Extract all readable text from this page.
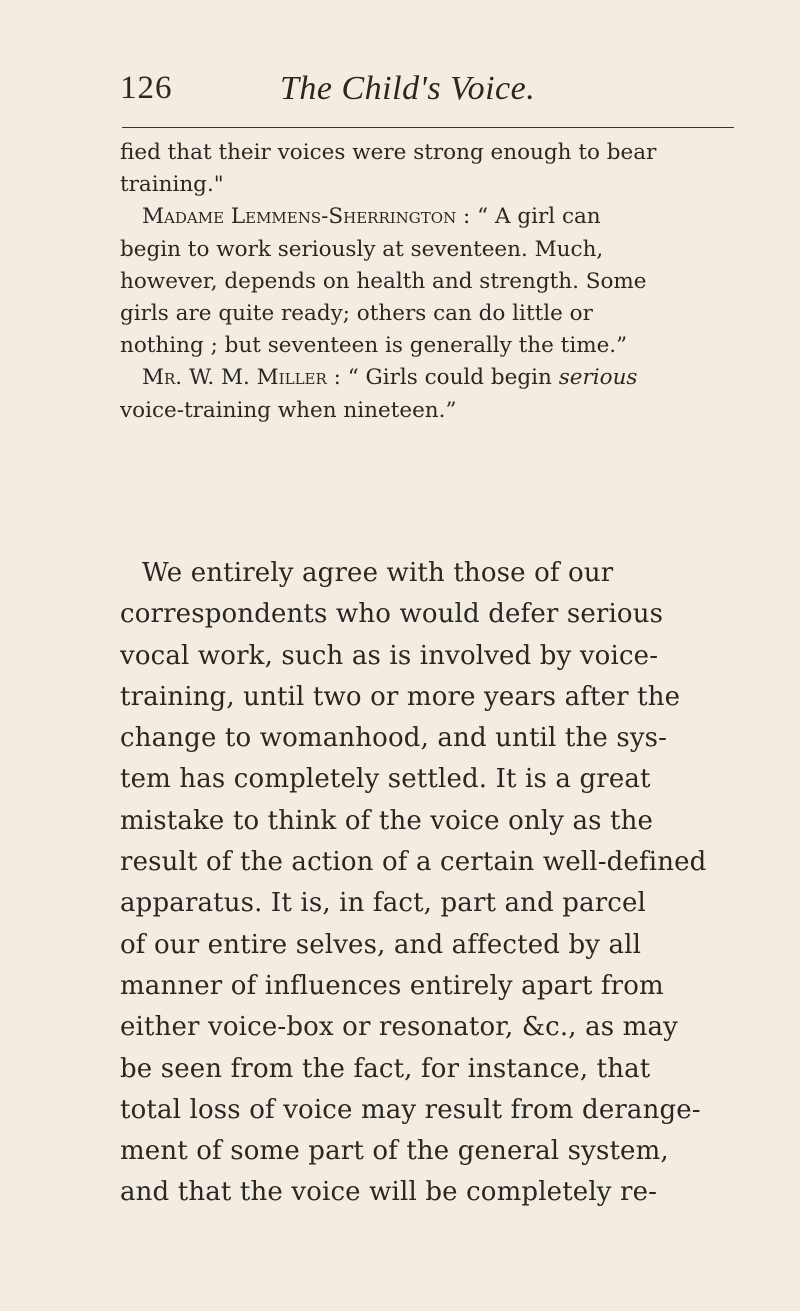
126	The Child's Voice.
fied that their voices were strong enough to bear
training."
Madame Lemmens-Sherrington : “ A girl can
begin to work seriously at seventeen. Much,
however, depends on health and strength. Some
girls are quite ready; others can do little or
nothing ; but seventeen is generally the time.”
Mr. W. M. Miller : “ Girls could begin serious
voice-training when nineteen.”
We entirely agree with those of our
correspondents who would defer serious
vocal work, such as is involved by voice-
training, until two or more years after the
change to womanhood, and until the sys-
tem has completely settled. It is a great
mistake to think of the voice only as the
result of the action of a certain well-defined
apparatus. It is, in fact, part and parcel
of our entire selves, and affected by all
manner of influences entirely apart from
either voice-box or resonator, &c., as may
be seen from the fact, for instance, that
total loss of voice may result from derange-
ment of some part of the general system,
and that the voice will be completely re-
